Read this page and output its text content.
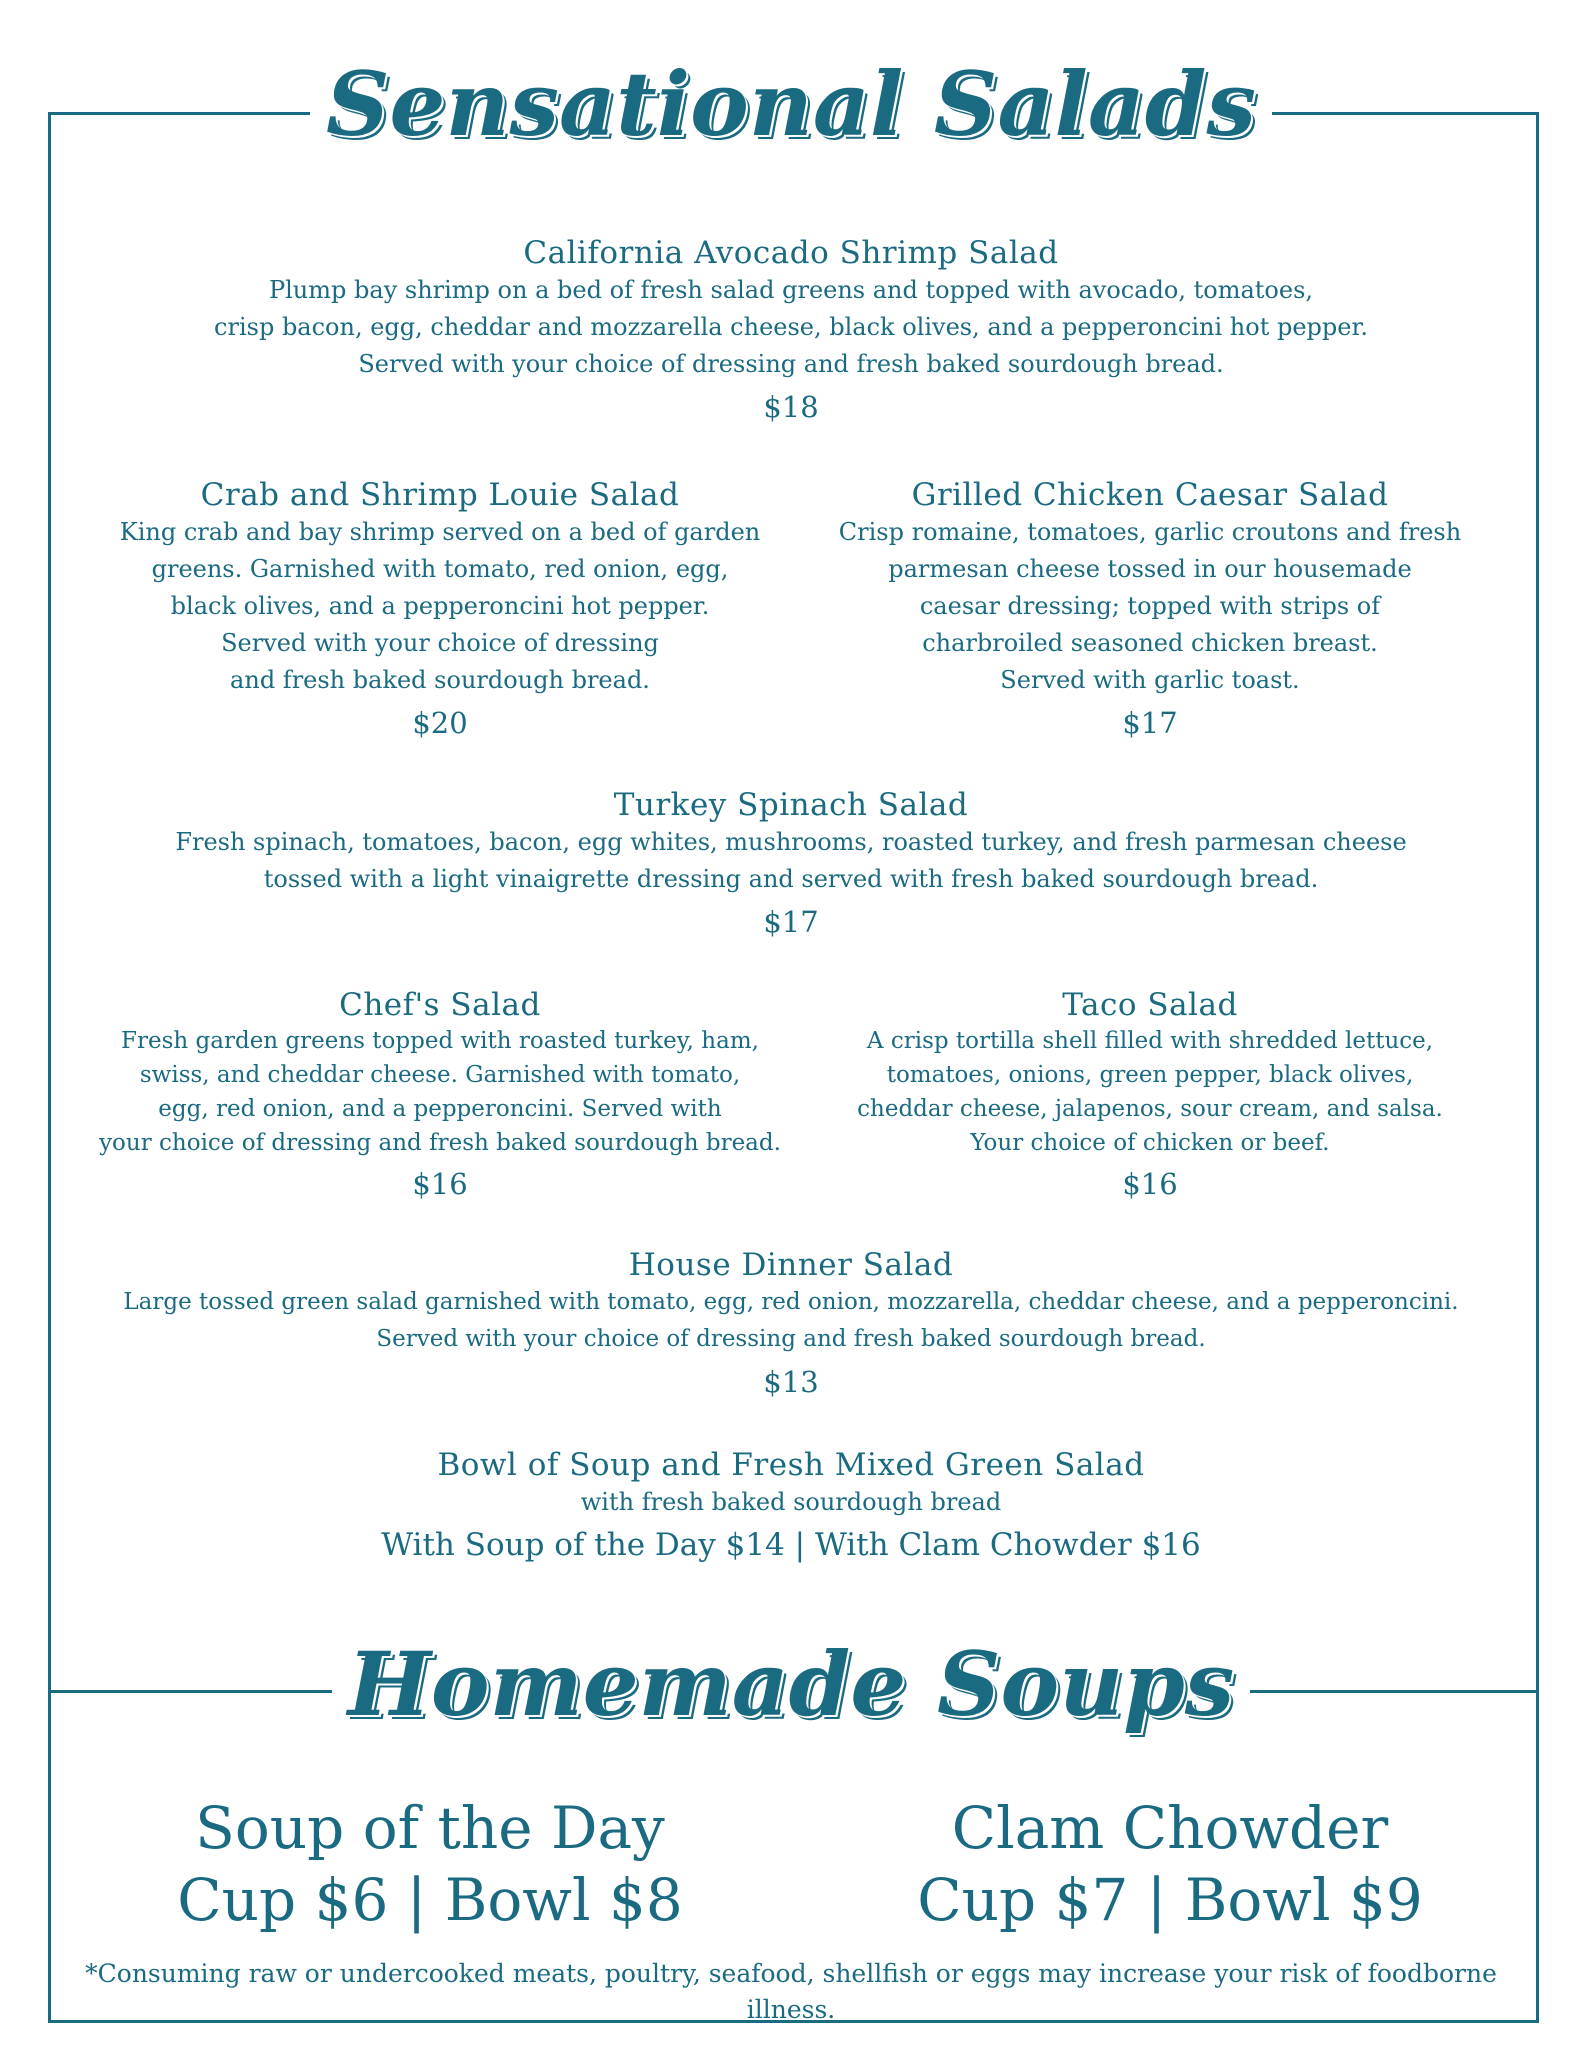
Sensational Salads
California Avocado Shrimp Salad
Plump bay shrimp on a bed of fresh salad greens and topped with avocado, tomatoes,
crisp bacon, egg, cheddar and mozzarella cheese, black olives, and a pepperoncini hot pepper.
Served with your choice of dressing and fresh baked sourdough bread.
$18
Crab and Shrimp Louie Salad
King crab and bay shrimp served on a bed of garden
greens. Garnished with tomato, red onion, egg,
black olives, and a pepperoncini hot pepper.
Served with your choice of dressing
and fresh baked sourdough bread.
$20
Grilled Chicken Caesar Salad
Crisp romaine, tomatoes, garlic croutons and fresh
parmesan cheese tossed in our housemade
caesar dressing; topped with strips of
charbroiled seasoned chicken breast.
Served with garlic toast.
$17
Turkey Spinach Salad
Fresh spinach, tomatoes, bacon, egg whites, mushrooms, roasted turkey, and fresh parmesan cheese
tossed with a light vinaigrette dressing and served with fresh baked sourdough bread.
$17
Chef's Salad
Fresh garden greens topped with roasted turkey, ham,
swiss, and cheddar cheese. Garnished with tomato,
egg, red onion, and a pepperoncini. Served with
your choice of dressing and fresh baked sourdough bread.
$16
Taco Salad
A crisp tortilla shell filled with shredded lettuce,
tomatoes, onions, green pepper, black olives,
cheddar cheese, jalapenos, sour cream, and salsa.
Your choice of chicken or beef.
$16
House Dinner Salad
Large tossed green salad garnished with tomato, egg, red onion, mozzarella, cheddar cheese, and a pepperoncini.
Served with your choice of dressing and fresh baked sourdough bread.
$13
Bowl of Soup and Fresh Mixed Green Salad
with fresh baked sourdough bread
With Soup of the Day $14 | With Clam Chowder $16
Homemade Soups
Soup of the Day
Cup $6 | Bowl $8
Clam Chowder
Cup $7 | Bowl $9
*Consuming raw or undercooked meats, poultry, seafood, shellfish or eggs may increase your risk of foodborne illness.
